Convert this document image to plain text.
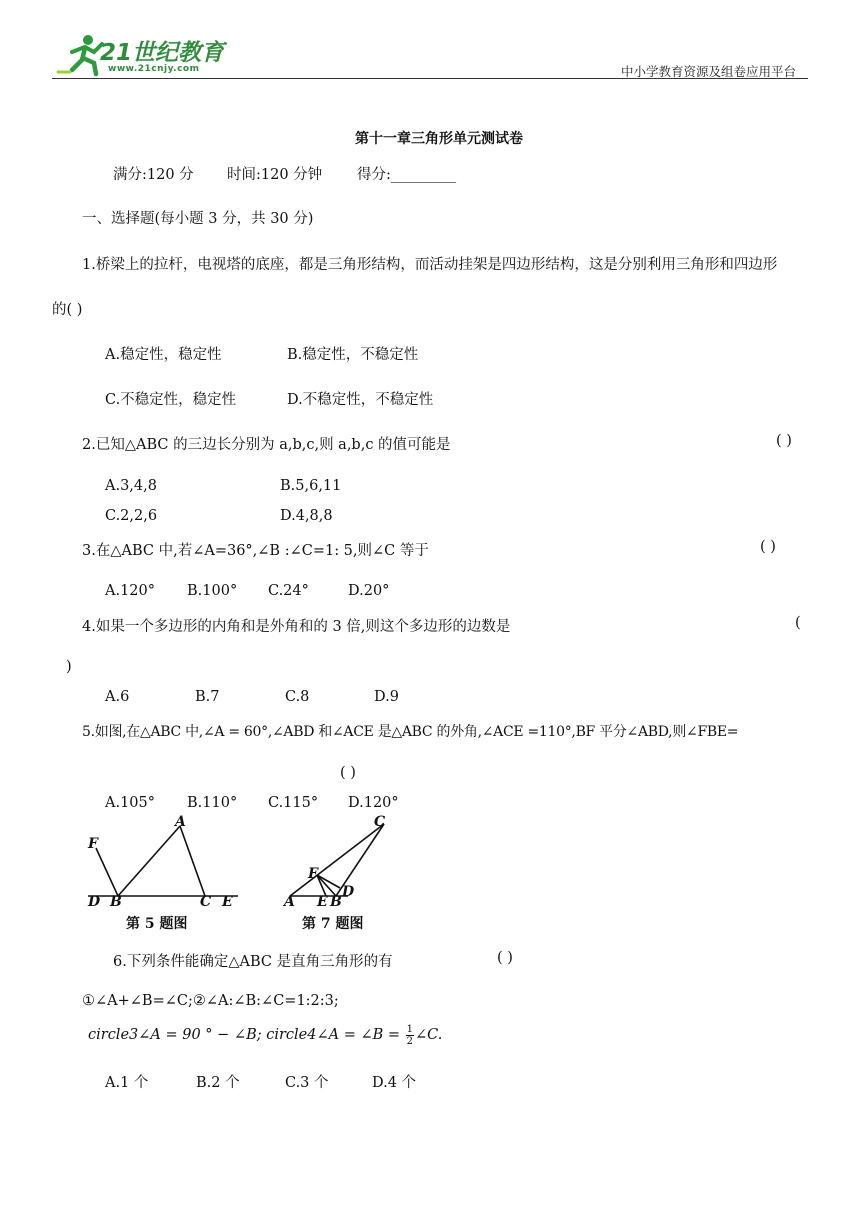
21世纪教育
www.21cnjy.com	中小学教育资源及组卷应用平台
第十一章三角形单元测试卷
满分:120 分 时间:120 分钟 得分:_________
一、选择题(每小题 3 分，共 30 分)
1.桥梁上的拉杆，电视塔的底座，都是三角形结构，而活动挂架是四边形结构，这是分别利用三角形和四边形
的( )
A.稳定性，稳定性	B.稳定性，不稳定性
C.不稳定性，稳定性	D.不稳定性，不稳定性
2.已知△ABC 的三边长分别为 a,b,c,则 a,b,c 的值可能是	( )
A.3,4,8	B.5,6,11
C.2,2,6	D.4,8,8
3.在△ABC 中,若∠A=36°,∠B :∠C=1: 5,则∠C 等于	( )
A.120° B.100° C.24°	D.20°
4.如果一个多边形的内角和是外角和的 3 倍,则这个多边形的边数是	(
)
A.6	B.7	C.8	D.9
5.如图,在△ABC 中,∠A = 60°,∠ABD 和∠ACE 是△ABC 的外角,∠ACE =110°,BF 平分∠ABD,则∠FBE=
( )
A.105° B.110° C.115° D.120°
F
A
D B	C E
第 5 题图
C
F
D
A E B
第 7 题图
6.下列条件能确定△ABC 是直角三角形的有	( )
①∠A+∠B=∠C;②∠A:∠B:∠C=1:2:3;
circle3∠A = 90 ° − ∠B; circle4∠A = ∠B = $\frac{1}{2}$ ∠C.
A.1 个	B.2 个	C.3 个	D.4 个
